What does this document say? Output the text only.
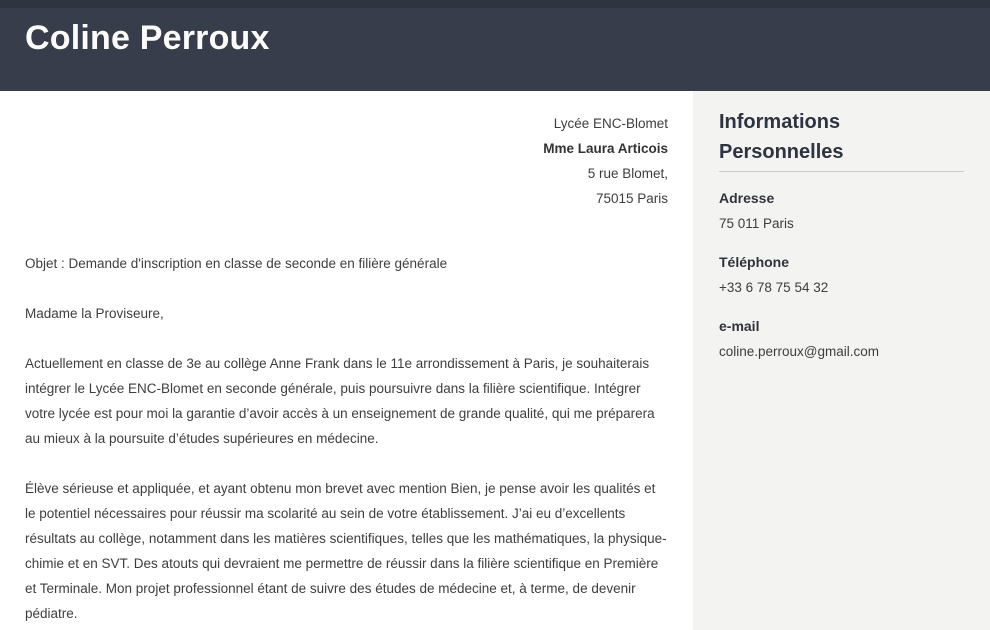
Coline Perroux
Lycée ENC-Blomet
Mme Laura Articois
5 rue Blomet,
75015 Paris

Objet : Demande d'inscription en classe de seconde en filière générale

Madame la Proviseure,

Actuellement en classe de 3e au collège Anne Frank dans le 11e arrondissement à Paris, je souhaiterais intégrer le Lycée ENC-Blomet en seconde générale, puis poursuivre dans la filière scientifique. Intégrer votre lycée est pour moi la garantie d’avoir accès à un enseignement de grande qualité, qui me préparera au mieux à la poursuite d’études supérieures en médecine.

Élève sérieuse et appliquée, et ayant obtenu mon brevet avec mention Bien, je pense avoir les qualités et le potentiel nécessaires pour réussir ma scolarité au sein de votre établissement. J’ai eu d’excellents résultats au collège, notamment dans les matières scientifiques, telles que les mathématiques, la physique-chimie et en SVT. Des atouts qui devraient me permettre de réussir dans la filière scientifique en Première et Terminale. Mon projet professionnel étant de suivre des études de médecine et, à terme, de devenir pédiatre.

Informations Personnelles
Adresse
75 011 Paris
Téléphone
+33 6 78 75 54 32
e-mail
coline.perroux@gmail.com
